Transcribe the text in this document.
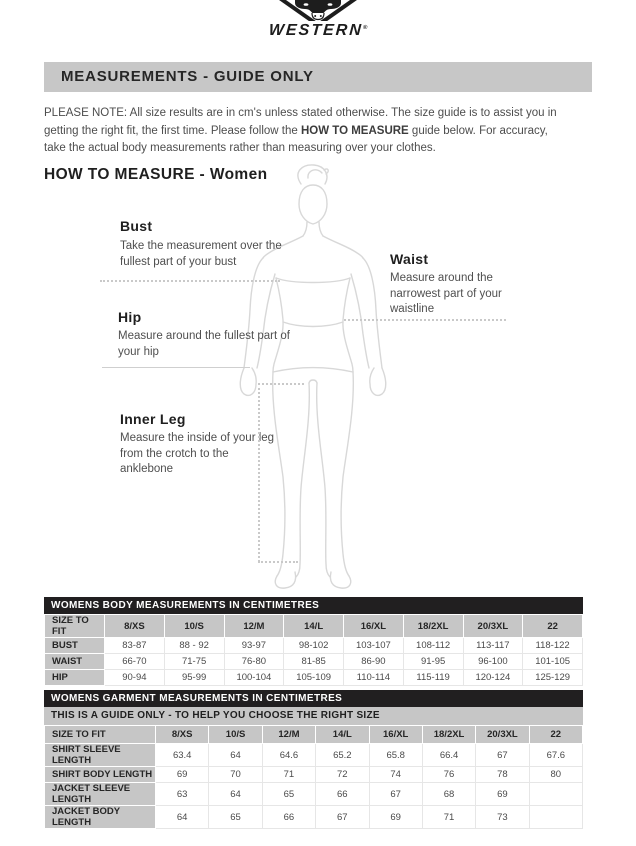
WESTERN®
MEASUREMENTS - GUIDE ONLY

PLEASE NOTE: All size results are in cm's unless stated otherwise. The size guide is to assist you in getting the right fit, the first time. Please follow the HOW TO MEASURE guide below. For accuracy, take the actual body measurements rather than measuring over your clothes.

HOW TO MEASURE - Women
Bust
Take the measurement over the fullest part of your bust	Waist
Measure around the narrowest part of your waistline
Hip
Measure around the fullest part of your hip
Inner Leg
Measure the inside of your leg from the crotch to the anklebone
WOMENS BODY MEASUREMENTS IN CENTIMETRES
SIZE TO FIT	8/XS	10/S	12/M	14/L	16/XL	18/2XL	20/3XL	22
BUST	83-87	88 - 92	93-97	98-102	103-107	108-112	113-117	118-122
WAIST	66-70	71-75	76-80	81-85	86-90	91-95	96-100	101-105
HIP	90-94	95-99	100-104	105-109	110-114	115-119	120-124	125-129
WOMENS GARMENT MEASUREMENTS IN CENTIMETRES
THIS IS A GUIDE ONLY - TO HELP YOU CHOOSE THE RIGHT SIZE
SIZE TO FIT	8/XS	10/S	12/M	14/L	16/XL	18/2XL	20/3XL	22
SHIRT SLEEVE LENGTH	63.4	64	64.6	65.2	65.8	66.4	67	67.6
SHIRT BODY LENGTH	69	70	71	72	74	76	78	80
JACKET SLEEVE LENGTH	63	64	65	66	67	68	69	
JACKET BODY LENGTH	64	65	66	67	69	71	73	
